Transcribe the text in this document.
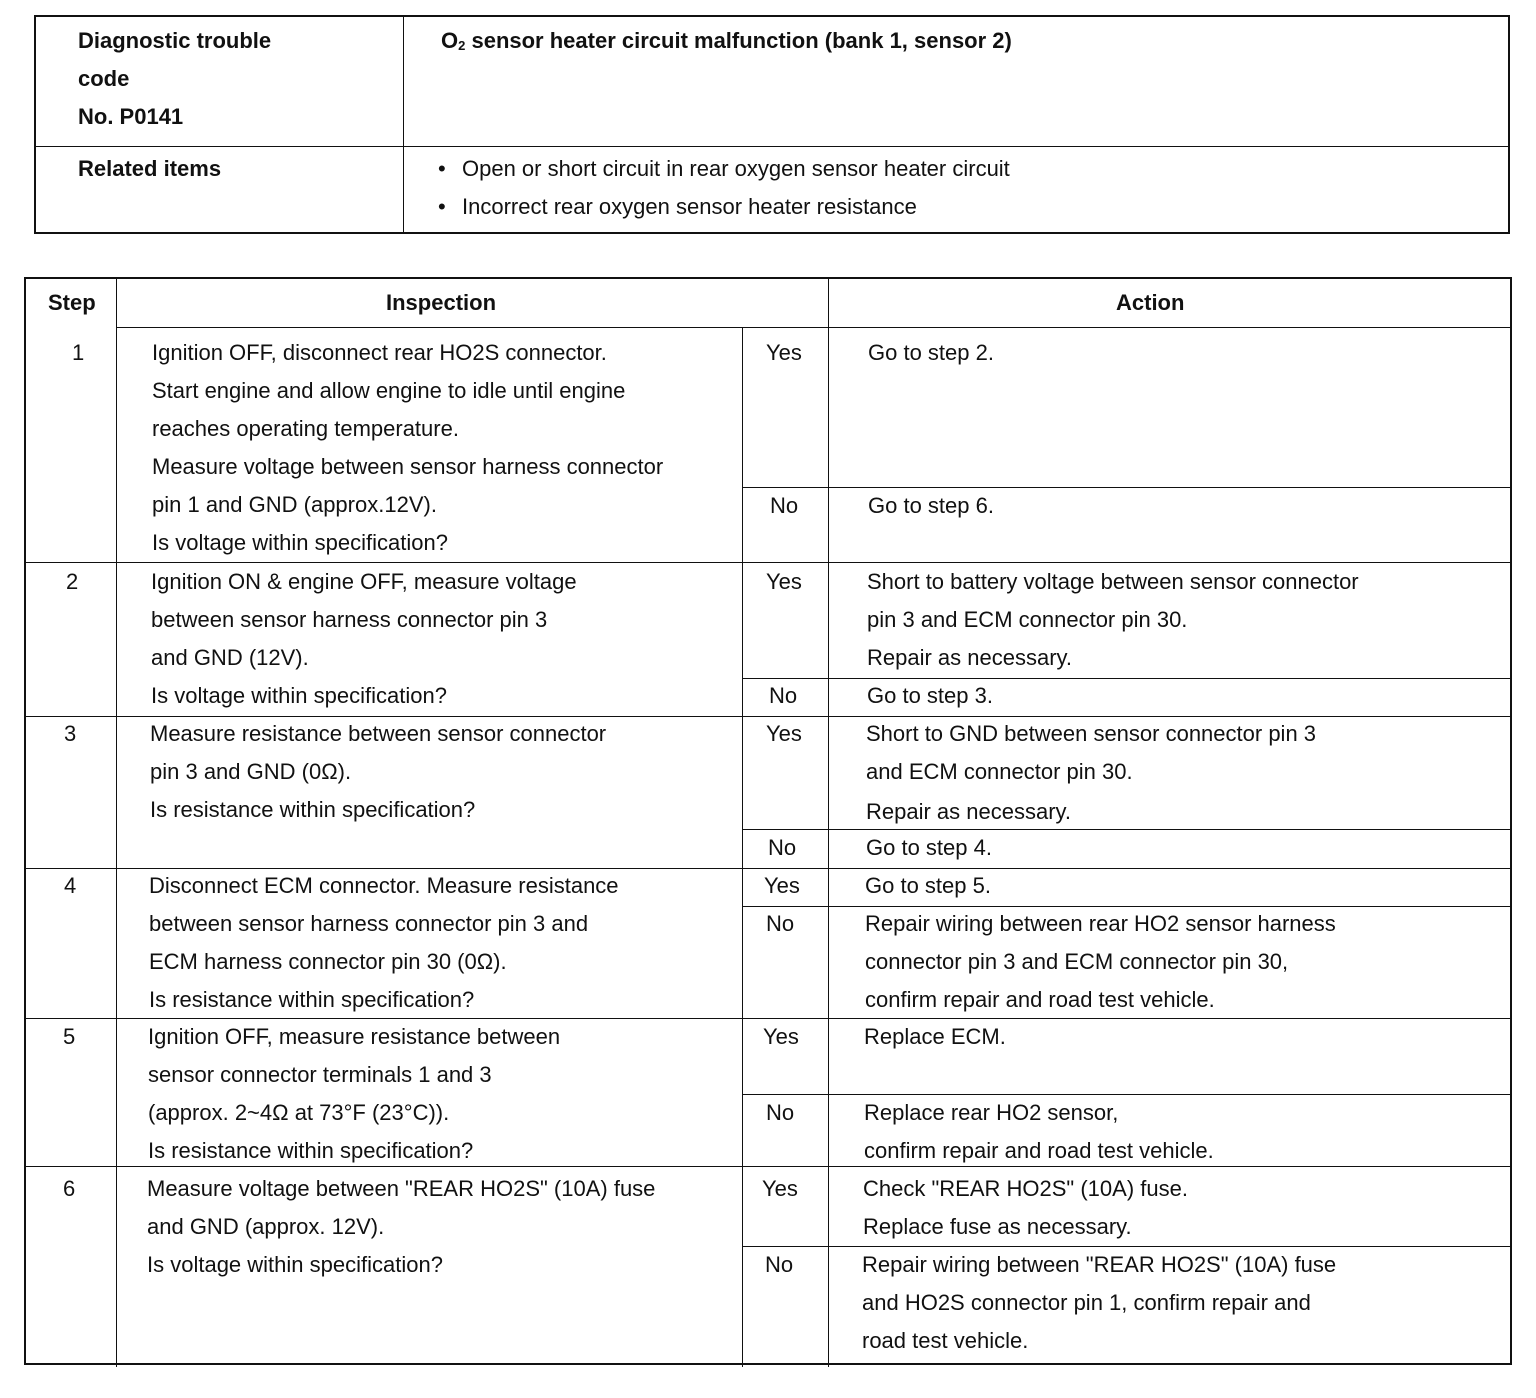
Diagnostic trouble
code
No. P0141
$O_2$ sensor heater circuit malfunction (bank 1, sensor 2)
Related items
•	Open or short circuit in rear oxygen sensor heater circuit
• Incorrect rear oxygen sensor heater resistance
Step	Inspection	Action
1	Ignition OFF, disconnect rear HO2S connector.
Start engine and allow engine to idle until engine
reaches operating temperature.
Measure voltage between sensor harness connector
pin 1 and GND (approx.12V).
Is voltage within specification?
Yes	Go to step 2.
No	Go to step 6.
2	Ignition ON & engine OFF, measure voltage
between sensor harness connector pin 3
and GND (12V).
Is voltage within specification?
Yes	Short to battery voltage between sensor connector
pin 3 and ECM connector pin 30.
Repair as necessary.
No	Go to step 3.
3	Measure resistance between sensor connector
pin 3 and GND (0Ω).
Is resistance within specification?
Yes	Short to GND between sensor connector pin 3
and ECM connector pin 30.
Repair as necessary.
No	Go to step 4.
4	Disconnect ECM connector. Measure resistance
between sensor harness connector pin 3 and
ECM harness connector pin 30 (0Ω).
Is resistance within specification?
Yes	Go to step 5.
No	Repair wiring between rear HO2 sensor harness
connector pin 3 and ECM connector pin 30,
confirm repair and road test vehicle.
5	Ignition OFF, measure resistance between
sensor connector terminals 1 and 3
(approx. 2~4Ω at 73°F (23°C)).
Is resistance within specification?
Yes	Replace ECM.
No	Replace rear HO2 sensor,
confirm repair and road test vehicle.
6	Measure voltage between "REAR HO2S" (10A) fuse
and GND (approx. 12V).
Is voltage within specification?
Yes	Check "REAR HO2S" (10A) fuse.
Replace fuse as necessary.
No	Repair wiring between "REAR HO2S" (10A) fuse
and HO2S connector pin 1, confirm repair and
road test vehicle.
